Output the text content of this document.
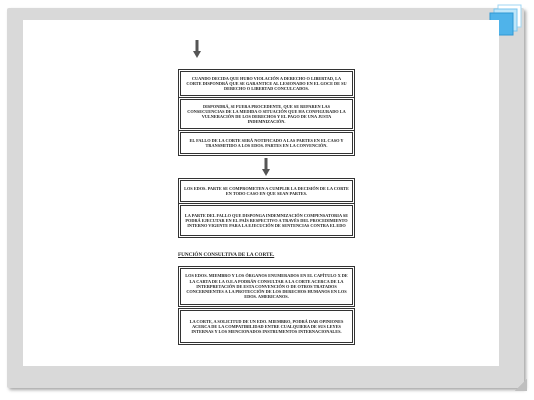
CUANDO DECIDA QUE HUBO VIOLACIÓN A DERECHO O LIBERTAD, LA CORTE DISPONDRÁ QUE SE GARANTICE AL LESIONADO EN EL GOCE DE SU DERECHO O LIBERTAD CONCULCADOS.
DISPONDRÁ, SI FUERA PROCEDENTE, QUE SE REPAREN LAS CONSECUENCIAS DE LA MEDIDA O SITUACIÓN QUE HA CONFIGURADO LA VULNERACIÓN DE LOS DERECHOS Y EL PAGO DE UNA JUSTA INDEMNIZACIÓN.
EL FALLO DE LA CORTE SERÁ NOTIFICADO A LAS PARTES EN EL CASO Y TRANSMITIDO A LOS EDOS. PARTES EN LA CONVENCIÓN.
LOS EDOS. PARTE SE COMPROMETEN A CUMPLIR LA DECISIÓN DE LA CORTE EN TODO CASO EN QUE SEAN PARTES.
LA PARTE DEL FALLO QUE DISPONGA INDEMNIZACIÓN COMPENSATORIA SE PODRÁ EJECUTAR EN EL PAÍS RESPECTIVO A TRAVÉS DEL PROCEDIMIENTO INTERNO VIGENTE PARA LA EJECUCIÓN DE SENTENCIAS CONTRA EL EDO
FUNCIÓN CONSULTIVA DE LA CORTE.
LOS EDOS. MIEMBRO Y LOS ÓRGANOS ENUMERADOS EN EL CAPÍTULO X DE LA CARTA DE LA O.E.A PODRÁN CONSULTAR A LA CORTE ACERCA DE LA INTERPRETACIÓN DE ESTA CONVENCIÓN O DE OTROS TRATADOS CONCERNIENTES A LA PROTECCIÓN DE LOS DERECHOS HUMANOS EN LOS EDOS. AMERICANOS.
LA CORTE, A SOLICITUD DE UN EDO. MIEMBRO, PODRÁ DAR OPINIONES ACERCA DE LA COMPATIBILIDAD ENTRE CUALQUIERA DE SUS LEYES INTERNAS Y LOS MENCIONADOS INSTRUMENTOS INTERNACIONALES.
